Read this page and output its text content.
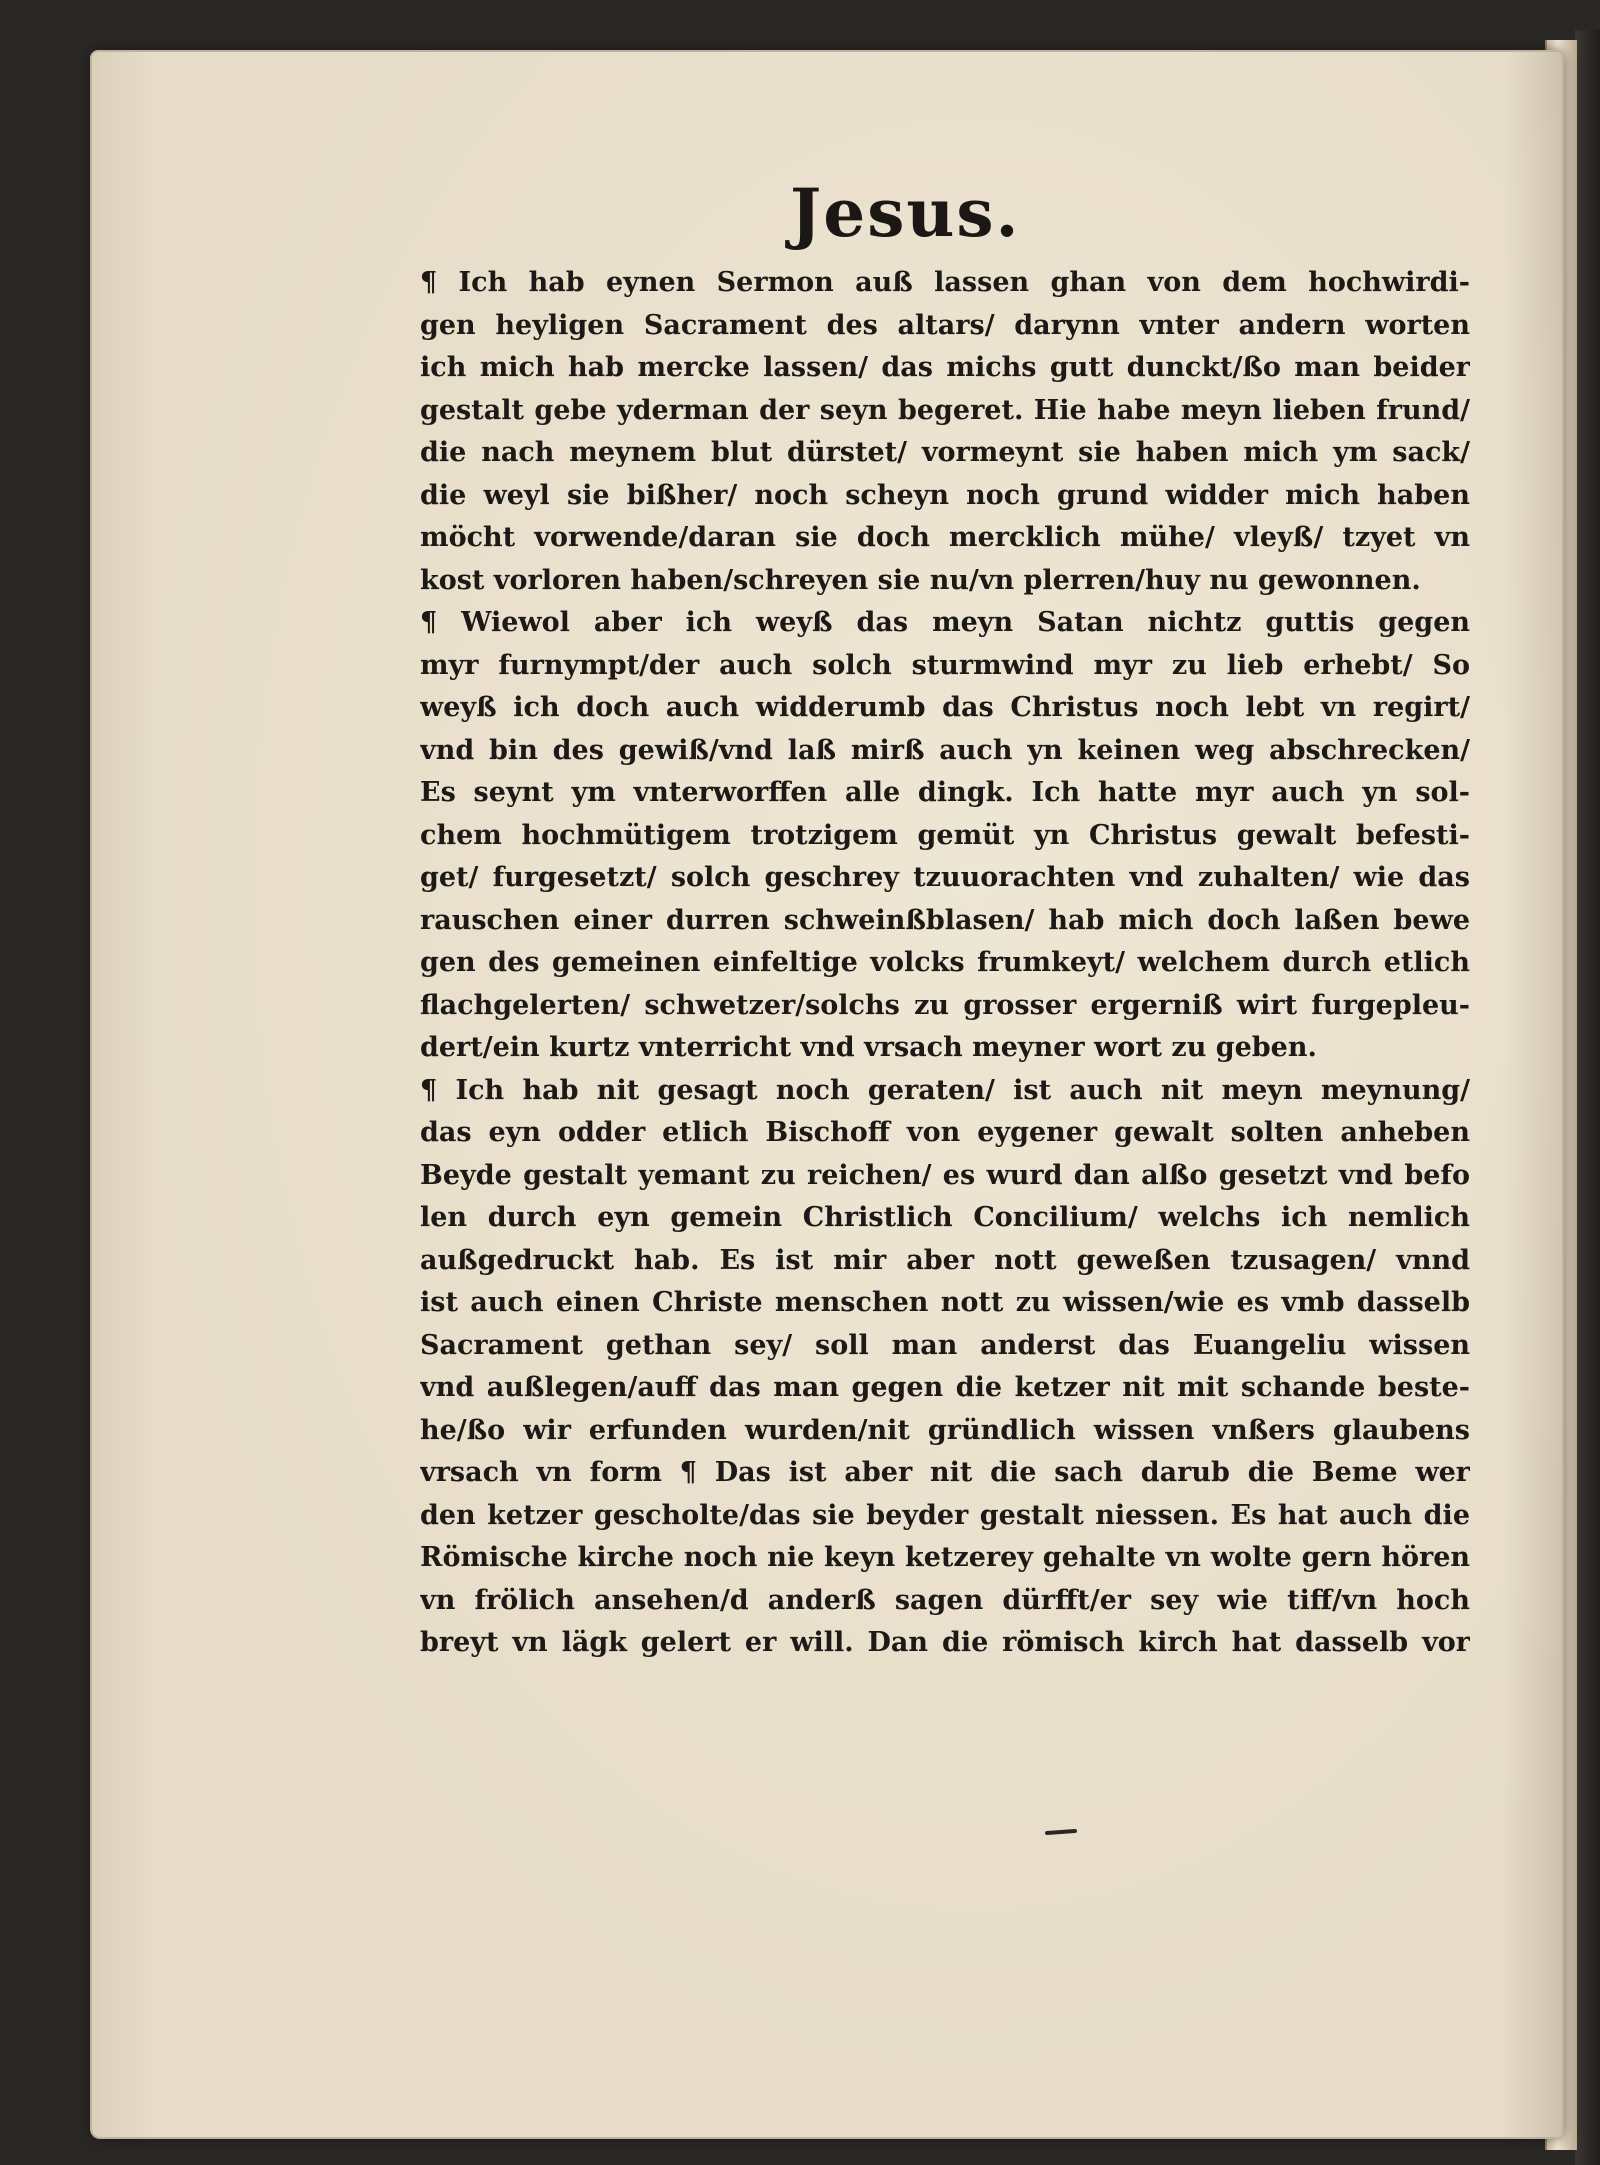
Jesus.
¶ Ich hab eynen Sermon auß lassen ghan von dem hochwirdi-
gen heyligen Sacrament des altars/ darynn vnter andern worten
ich mich hab mercke lassen/ das michs gutt dunckt/ßo man beider
gestalt gebe yderman der seyn begeret. Hie habe meyn lieben frund/
die nach meynem blut dürstet/ vormeynt sie haben mich ym sack/
die weyl sie bißher/ noch scheyn noch grund widder mich haben
möcht vorwende/daran sie doch mercklich mühe/ vleyß/ tzyet vn
kost vorloren haben/schreyen sie nu/vn plerren/huy nu gewonnen.
¶ Wiewol aber ich weyß das meyn Satan nichtz guttis gegen
myr furnympt/der auch solch sturmwind myr zu lieb erhebt/ So
weyß ich doch auch widderumb das Christus noch lebt vn regirt/
vnd bin des gewiß/vnd laß mirß auch yn keinen weg abschrecken/
Es seynt ym vnterworffen alle dingk. Ich hatte myr auch yn sol-
chem hochmütigem trotzigem gemüt yn Christus gewalt befesti-
get/ furgesetzt/ solch geschrey tzuuorachten vnd zuhalten/ wie das
rauschen einer durren schweinßblasen/ hab mich doch laßen bewe
gen des gemeinen einfeltige volcks frumkeyt/ welchem durch etlich
flachgelerten/ schwetzer/solchs zu grosser ergerniß wirt furgepleu-
dert/ein kurtz vnterricht vnd vrsach meyner wort zu geben.
¶ Ich hab nit gesagt noch geraten/ ist auch nit meyn meynung/
das eyn odder etlich Bischoff von eygener gewalt solten anheben
Beyde gestalt yemant zu reichen/ es wurd dan alßo gesetzt vnd befo
len durch eyn gemein Christlich Concilium/ welchs ich nemlich
außgedruckt hab. Es ist mir aber nott geweßen tzusagen/ vnnd
ist auch einen Christe menschen nott zu wissen/wie es vmb dasselb
Sacrament gethan sey/ soll man anderst das Euangeliu wissen
vnd außlegen/auff das man gegen die ketzer nit mit schande beste-
he/ßo wir erfunden wurden/nit gründlich wissen vnßers glaubens
vrsach vn form ¶ Das ist aber nit die sach darub die Beme wer
den ketzer gescholte/das sie beyder gestalt niessen. Es hat auch die
Römische kirche noch nie keyn ketzerey gehalte vn wolte gern hören
vn frölich ansehen/d anderß sagen dürfft/er sey wie tiff/vn hoch
breyt vn lägk gelert er will. Dan die römisch kirch hat dasselb vor
